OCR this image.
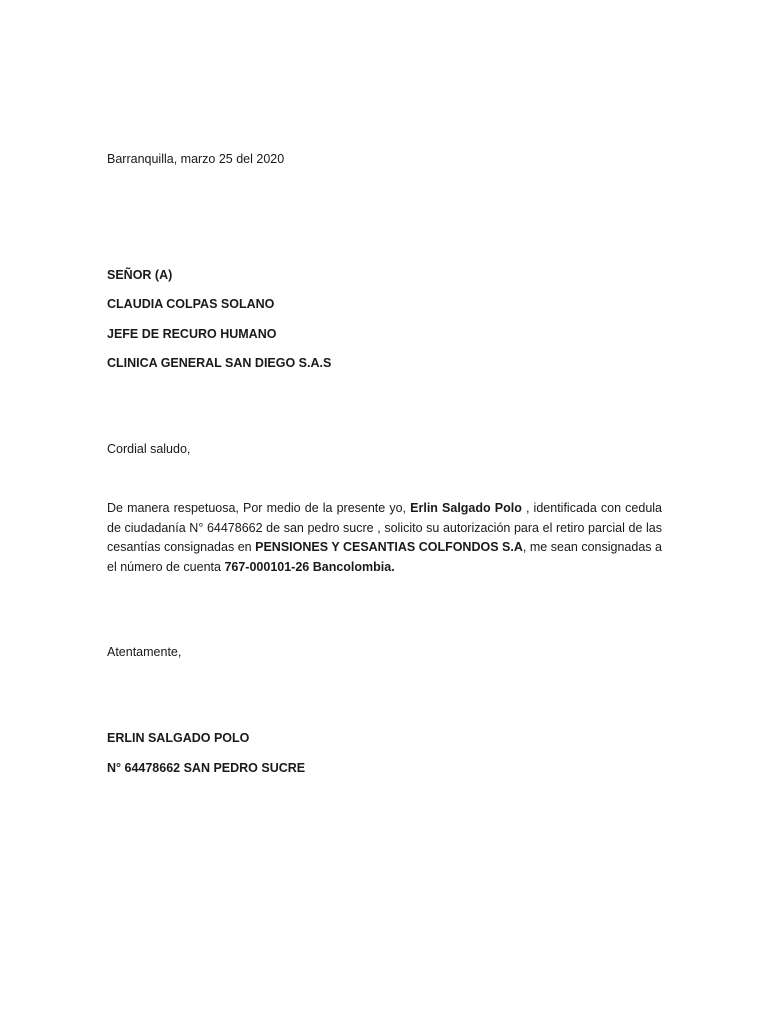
Barranquilla, marzo 25 del 2020
SEÑOR (A)
CLAUDIA COLPAS SOLANO
JEFE DE RECURO HUMANO
CLINICA GENERAL SAN DIEGO S.A.S
Cordial saludo,
De manera respetuosa, Por medio de la presente yo, Erlin Salgado Polo , identificada con cedula de ciudadanía N° 64478662 de san pedro sucre , solicito su autorización para el retiro parcial de las cesantías consignadas en PENSIONES Y CESANTIAS COLFONDOS S.A, me sean consignadas a el número de cuenta 767-000101-26 Bancolombia.
Atentamente,
ERLIN SALGADO POLO
N° 64478662 SAN PEDRO SUCRE
